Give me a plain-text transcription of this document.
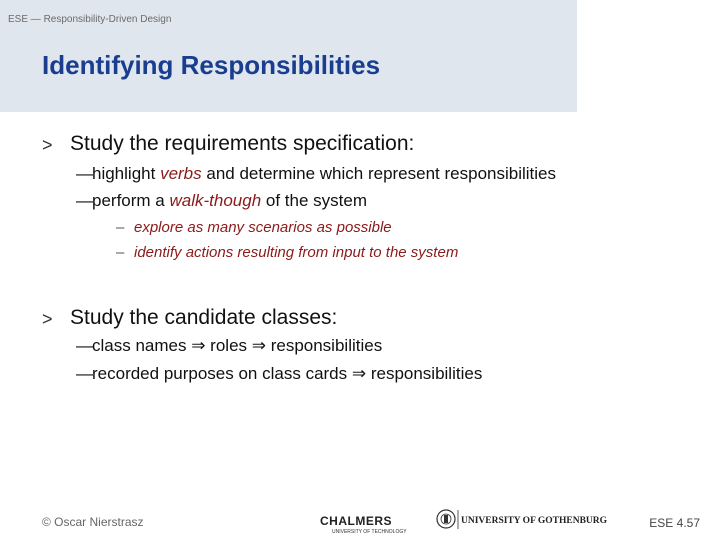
ESE — Responsibility-Driven Design
Identifying Responsibilities
> Study the requirements specification:
—highlight verbs and determine which represent responsibilities
—perform a walk-though of the system
– explore as many scenarios as possible
– identify actions resulting from input to the system
> Study the candidate classes:
—class names ⇒ roles ⇒ responsibilities
—recorded purposes on class cards ⇒ responsibilities
© Oscar Nierstrasz	CHALMERS
UNIVERSITY OF TECHNOLOGY
UNIVERSITY OF GOTHENBURG	ESE 4.57
